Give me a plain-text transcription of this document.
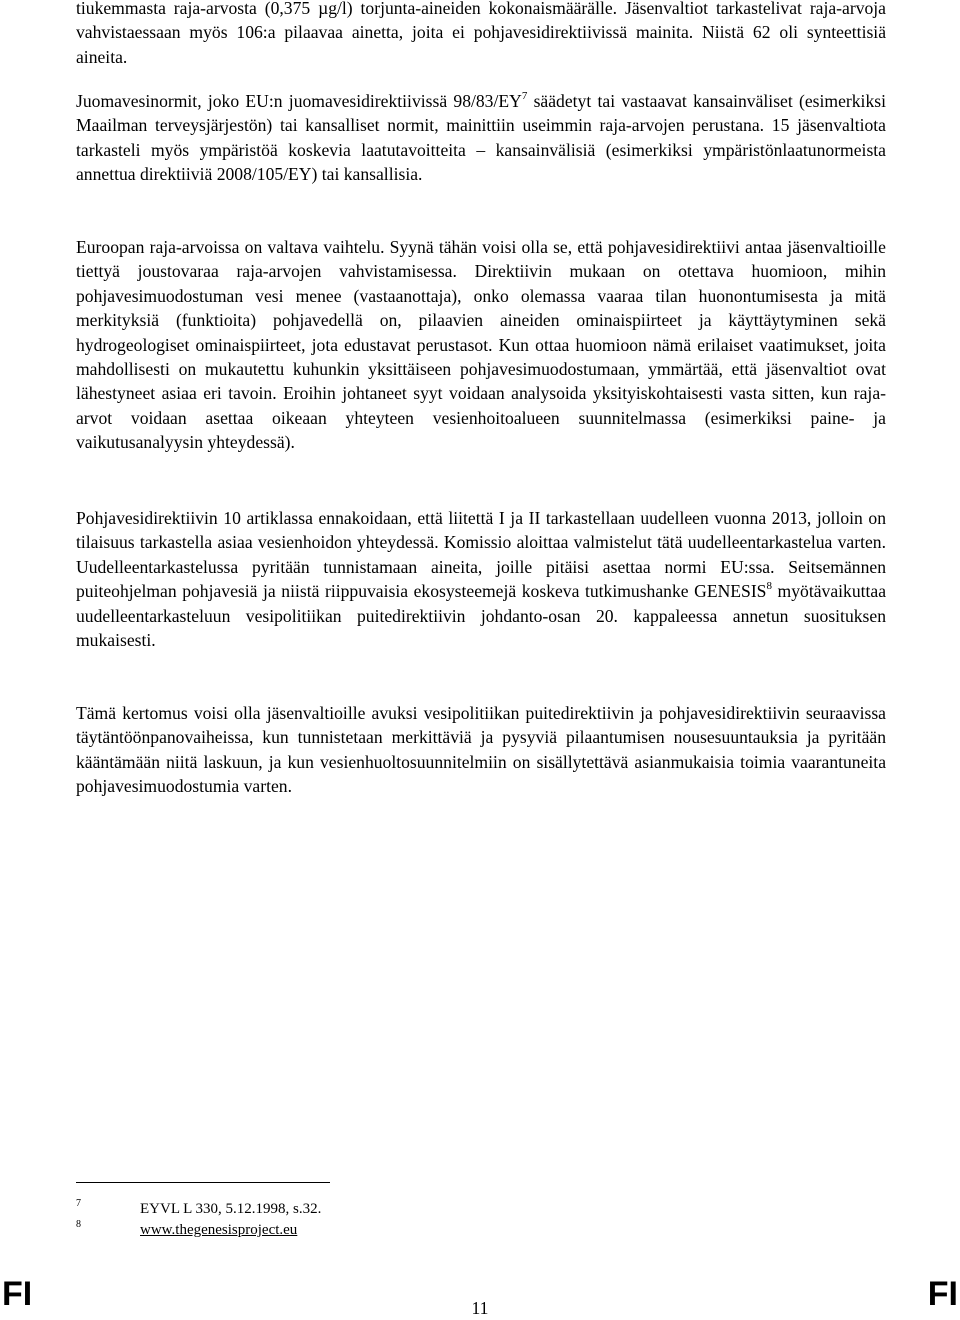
tiukemmasta raja-arvosta (0,375 µg/l) torjunta-aineiden kokonaismäärälle. Jäsenvaltiot tarkastelivat raja-arvoja vahvistaessaan myös 106:a pilaavaa ainetta, joita ei pohjavesidirektiivissä mainita. Niistä 62 oli synteettisiä aineita.

Juomavesinormit, joko EU:n juomavesidirektiivissä $98/83/EY^7$ säädetyt tai vastaavat kansainväliset (esimerkiksi Maailman terveysjärjestön) tai kansalliset normit, mainittiin useimmin raja-arvojen perustana. 15 jäsenvaltiota tarkasteli myös ympäristöä koskevia laatutavoitteita – kansainvälisiä (esimerkiksi ympäristönlaatunormeista annettua direktiiviä 2008/105/EY) tai kansallisia.

Euroopan raja-arvoissa on valtava vaihtelu. Syynä tähän voisi olla se, että pohjavesidirektiivi antaa jäsenvaltioille tiettyä joustovaraa raja-arvojen vahvistamisessa. Direktiivin mukaan on otettava huomioon, mihin pohjavesimuodostuman vesi menee (vastaanottaja), onko olemassa vaaraa tilan huonontumisesta ja mitä merkityksiä (funktioita) pohjavedellä on, pilaavien aineiden ominaispiirteet ja käyttäytyminen sekä hydrogeologiset ominaispiirteet, jota edustavat perustasot. Kun ottaa huomioon nämä erilaiset vaatimukset, joita mahdollisesti on mukautettu kuhunkin yksittäiseen pohjavesimuodostumaan, ymmärtää, että jäsenvaltiot ovat lähestyneet asiaa eri tavoin. Eroihin johtaneet syyt voidaan analysoida yksityiskohtaisesti vasta sitten, kun raja-arvot voidaan asettaa oikeaan yhteyteen vesienhoitoalueen suunnitelmassa (esimerkiksi paine- ja vaikutusanalyysin yhteydessä).

Pohjavesidirektiivin 10 artiklassa ennakoidaan, että liitettä I ja II tarkastellaan uudelleen vuonna 2013, jolloin on tilaisuus tarkastella asiaa vesienhoidon yhteydessä. Komissio aloittaa valmistelut tätä uudelleentarkastelua varten. Uudelleentarkastelussa pyritään tunnistamaan aineita, joille pitäisi asettaa normi EU:ssa. Seitsemännen puiteohjelman pohjavesiä ja niistä riippuvaisia ekosysteemejä koskeva tutkimushanke GENESIS$^8$ myötävaikuttaa uudelleentarkasteluun vesipolitiikan puitedirektiivin johdanto-osan 20. kappaleessa annetun suosituksen mukaisesti.

Tämä kertomus voisi olla jäsenvaltioille avuksi vesipolitiikan puitedirektiivin ja pohjavesidirektiivin seuraavissa täytäntöönpanovaiheissa, kun tunnistetaan merkittäviä ja pysyviä pilaantumisen nousesuuntauksia ja pyritään kääntämään niitä laskuun, ja kun vesienhuoltosuunnitelmiin on sisällytettävä asianmukaisia toimia vaarantuneita pohjavesimuodostumia varten.

7	EYVL L 330, 5.12.1998, s.32.
8	www.thegenesisproject.eu
FI	11	FI
